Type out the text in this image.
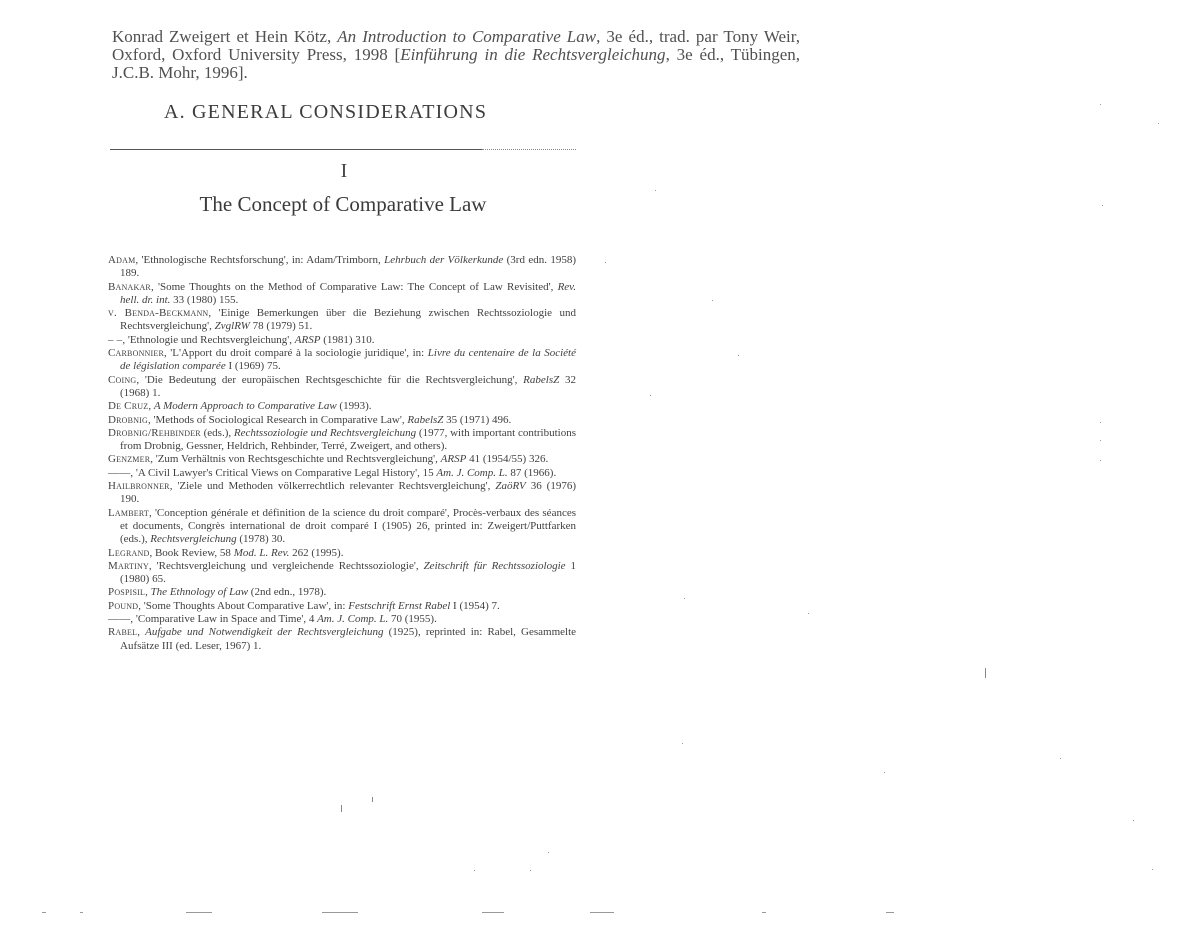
Konrad Zweigert et Hein Kötz, An Introduction to Comparative Law, 3e éd., trad. par Tony Weir, Oxford, Oxford University Press, 1998 [Einführung in die Rechtsvergleichung, 3e éd., Tübingen, J.C.B. Mohr, 1996].
A. GENERAL CONSIDERATIONS
I
The Concept of Comparative Law
Adam, 'Ethnologische Rechtsforschung', in: Adam/Trimborn, Lehrbuch der Völkerkunde (3rd edn. 1958) 189.
Banakar, 'Some Thoughts on the Method of Comparative Law: The Concept of Law Revisited', Rev. hell. dr. int. 33 (1980) 155.
v. Benda-Beckmann, 'Einige Bemerkungen über die Beziehung zwischen Rechtssoziologie und Rechtsvergleichung', ZvglRW 78 (1979) 51.
– –, 'Ethnologie und Rechtsvergleichung', ARSP (1981) 310.
Carbonnier, 'L'Apport du droit comparé à la sociologie juridique', in: Livre du centenaire de la Société de législation comparée I (1969) 75.
Coing, 'Die Bedeutung der europäischen Rechtsgeschichte für die Rechtsvergleichung', RabelsZ 32 (1968) 1.
De Cruz, A Modern Approach to Comparative Law (1993).
Drobnig, 'Methods of Sociological Research in Comparative Law', RabelsZ 35 (1971) 496.
Drobnig/Rehbinder (eds.), Rechtssoziologie und Rechtsvergleichung (1977, with important contributions from Drobnig, Gessner, Heldrich, Rehbinder, Terré, Zweigert, and others).
Genzmer, 'Zum Verhältnis von Rechtsgeschichte und Rechtsvergleichung', ARSP 41 (1954/55) 326.
——, 'A Civil Lawyer's Critical Views on Comparative Legal History', 15 Am. J. Comp. L. 87 (1966).
Hailbronner, 'Ziele und Methoden völkerrechtlich relevanter Rechtsvergleichung', ZaöRV 36 (1976) 190.
Lambert, 'Conception générale et définition de la science du droit comparé', Procès-verbaux des séances et documents, Congrès international de droit comparé I (1905) 26, printed in: Zweigert/Puttfarken (eds.), Rechtsvergleichung (1978) 30.
Legrand, Book Review, 58 Mod. L. Rev. 262 (1995).
Martiny, 'Rechtsvergleichung und vergleichende Rechtssoziologie', Zeitschrift für Rechtssoziologie 1 (1980) 65.
Pospisil, The Ethnology of Law (2nd edn., 1978).
Pound, 'Some Thoughts About Comparative Law', in: Festschrift Ernst Rabel I (1954) 7.
——, 'Comparative Law in Space and Time', 4 Am. J. Comp. L. 70 (1955).
Rabel, Aufgabe und Notwendigkeit der Rechtsvergleichung (1925), reprinted in: Rabel, Gesammelte Aufsätze III (ed. Leser, 1967) 1.
